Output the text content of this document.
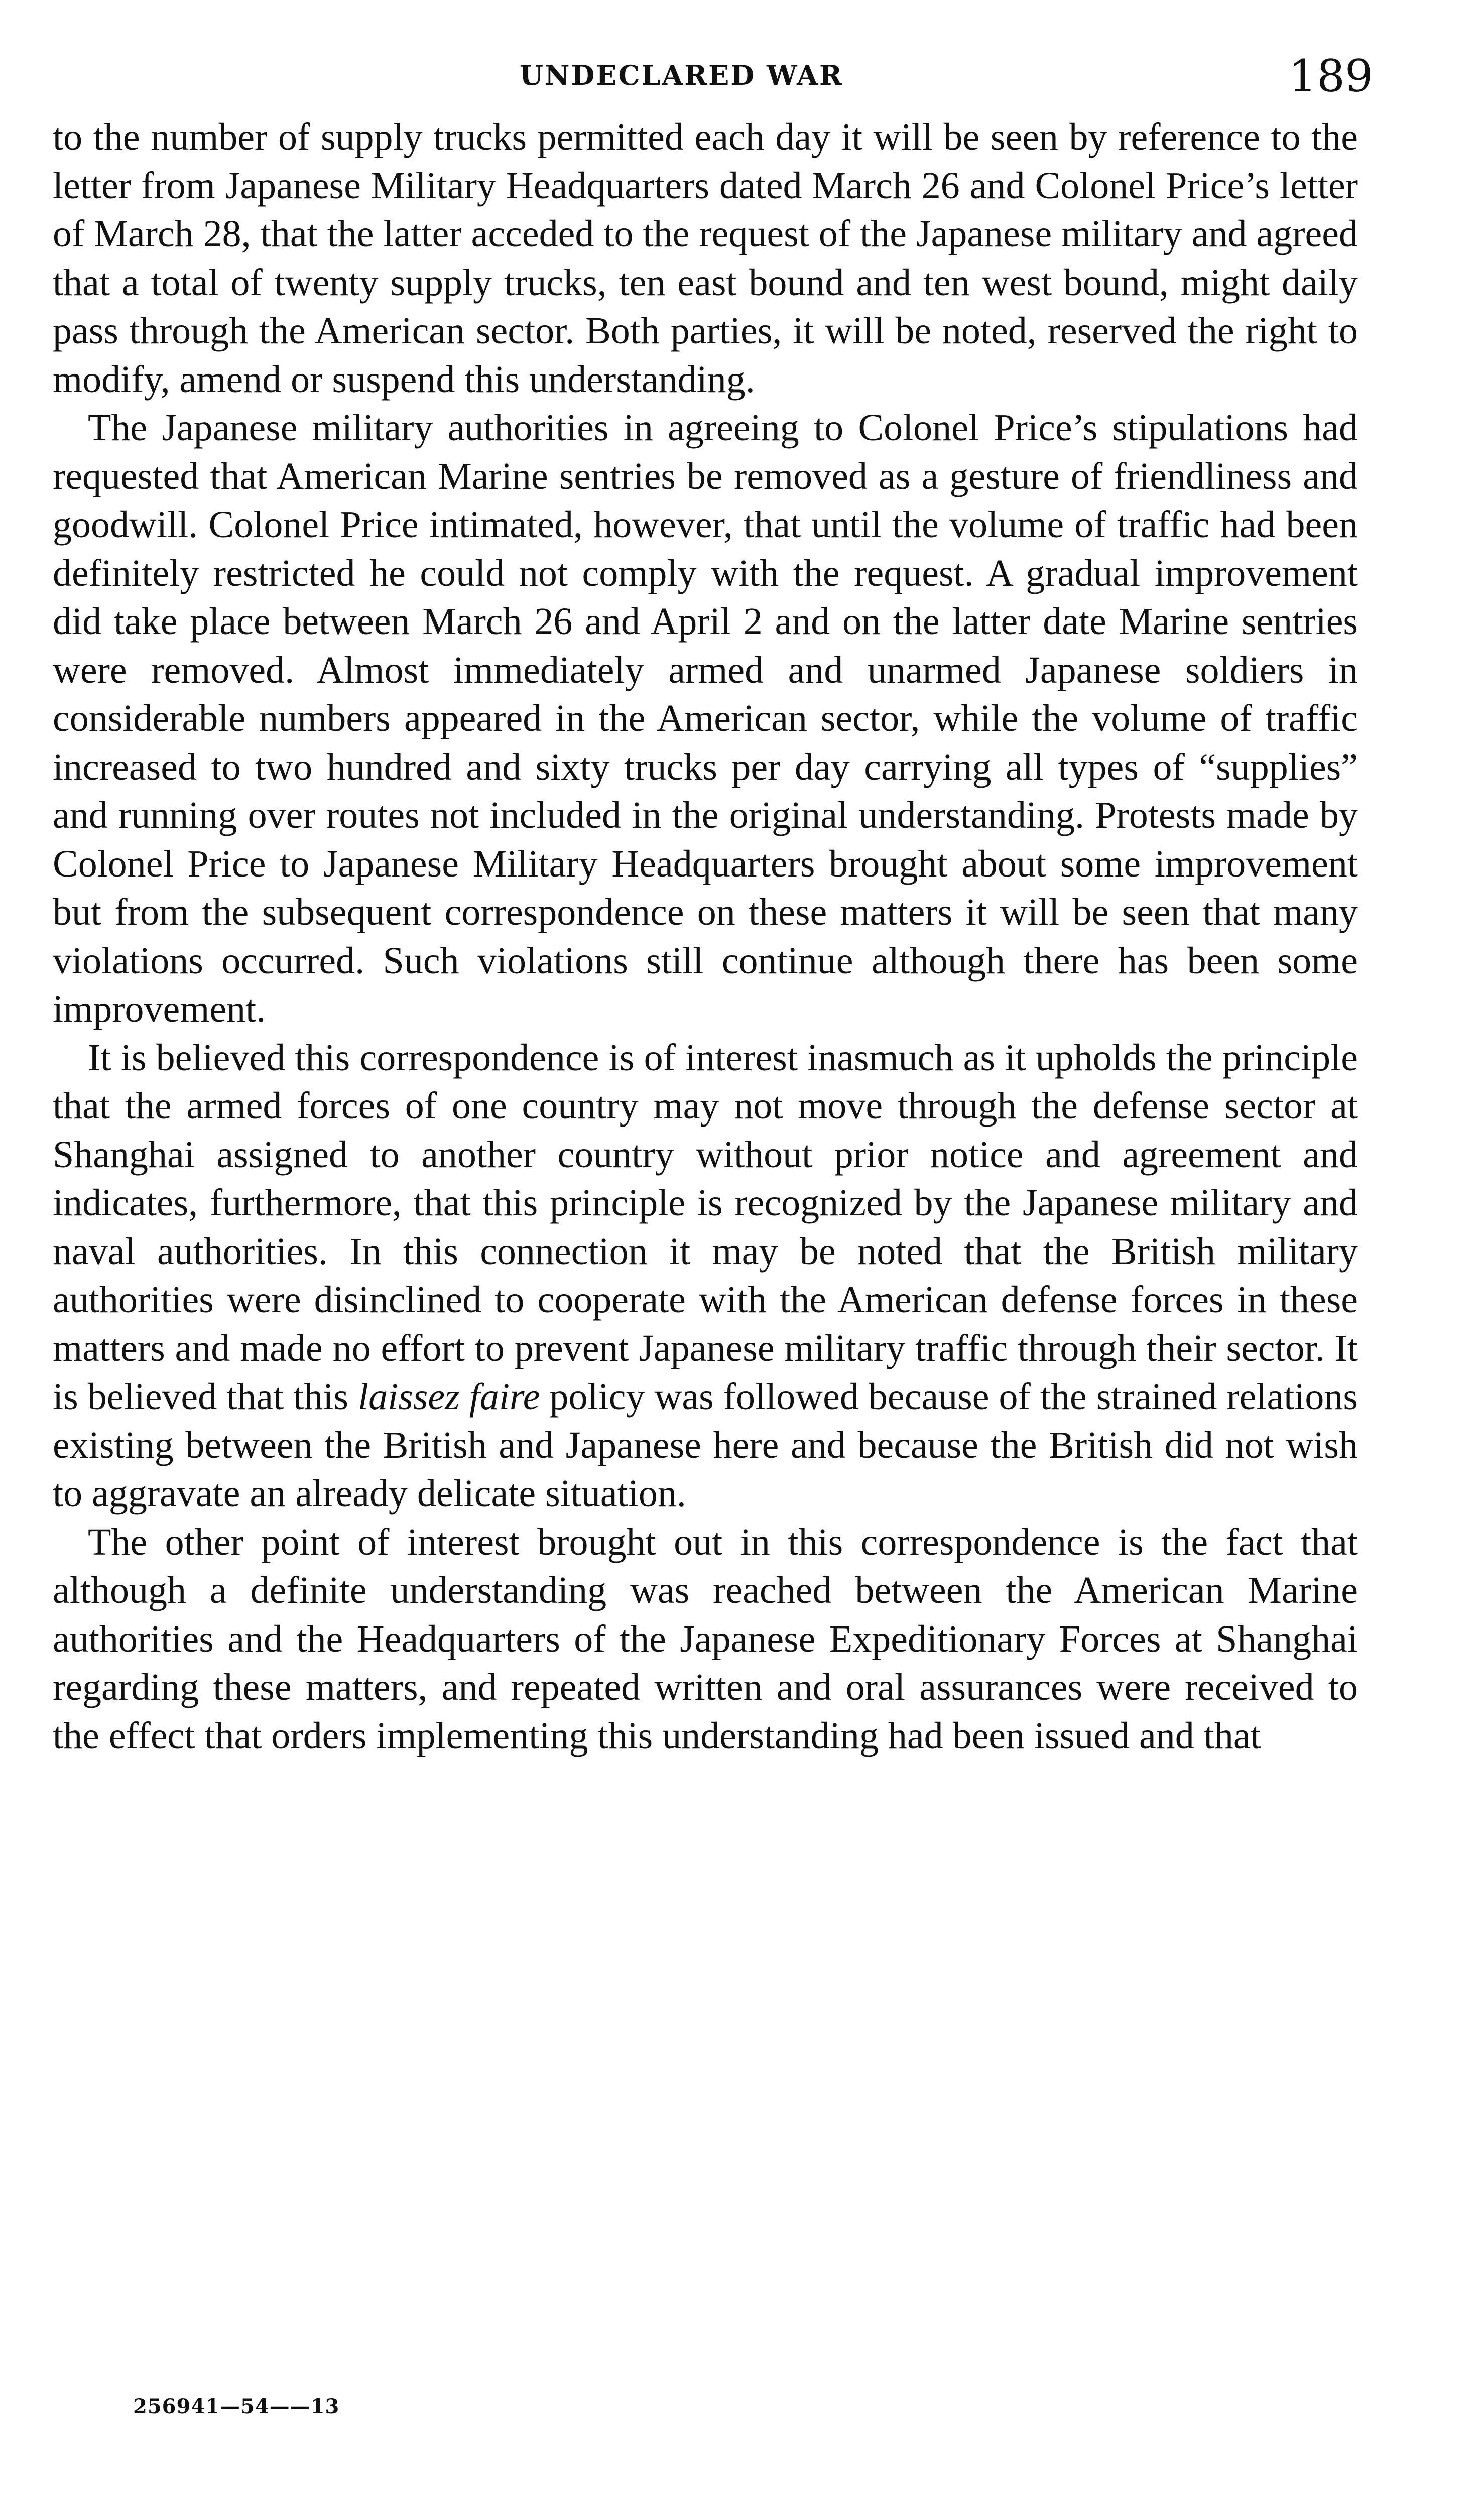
UNDECLARED WAR	189

to the number of supply trucks permitted each day it will be seen by reference to the letter from Japanese Military Headquarters dated March 26 and Colonel Price’s letter of March 28, that the latter acceded to the request of the Japanese military and agreed that a total of twenty supply trucks, ten east bound and ten west bound, might daily pass through the American sector. Both parties, it will be noted, reserved the right to modify, amend or suspend this understanding.

The Japanese military authorities in agreeing to Colonel Price’s stipulations had requested that American Marine sentries be removed as a gesture of friendliness and goodwill. Colonel Price intimated, however, that until the volume of traffic had been definitely restricted he could not comply with the request. A gradual improvement did take place between March 26 and April 2 and on the latter date Marine sentries were removed. Almost immediately armed and unarmed Japanese soldiers in considerable numbers appeared in the American sector, while the volume of traffic increased to two hundred and sixty trucks per day carrying all types of “supplies” and running over routes not included in the original understanding. Protests made by Colonel Price to Japanese Military Headquarters brought about some improvement but from the subsequent correspondence on these matters it will be seen that many violations occurred. Such violations still continue although there has been some improvement.

It is believed this correspondence is of interest inasmuch as it upholds the principle that the armed forces of one country may not move through the defense sector at Shanghai assigned to another country without prior notice and agreement and indicates, furthermore, that this principle is recognized by the Japanese military and naval authorities. In this connection it may be noted that the British military authorities were disinclined to cooperate with the American defense forces in these matters and made no effort to prevent Japanese military traffic through their sector. It is believed that this laissez faire policy was followed because of the strained relations existing between the British and Japanese here and because the British did not wish to aggravate an already delicate situation.

The other point of interest brought out in this correspondence is the fact that although a definite understanding was reached between the American Marine authorities and the Headquarters of the Japanese Expeditionary Forces at Shanghai regarding these matters, and repeated written and oral assurances were received to the effect that orders implementing this understanding had been issued and that

256941—54——13
